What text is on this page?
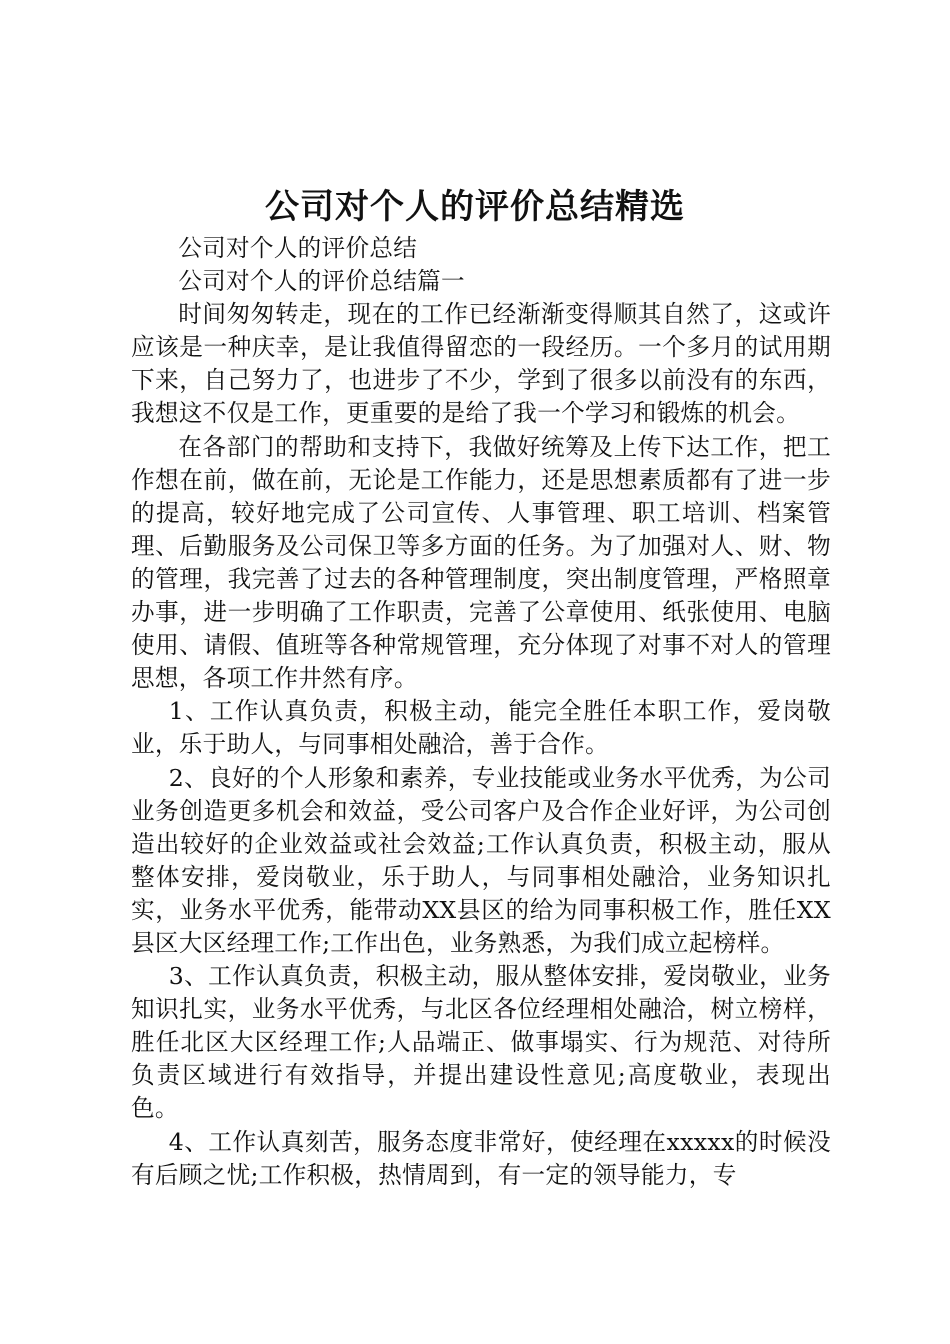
公司对个人的评价总结精选

公司对个人的评价总结

公司对个人的评价总结篇一

时间匆匆转走，现在的工作已经渐渐变得顺其自然了，这或许应该是一种庆幸，是让我值得留恋的一段经历。一个多月的试用期下来，自己努力了，也进步了不少，学到了很多以前没有的东西，我想这不仅是工作，更重要的是给了我一个学习和锻炼的机会。

在各部门的帮助和支持下，我做好统筹及上传下达工作，把工作想在前，做在前，无论是工作能力，还是思想素质都有了进一步的提高，较好地完成了公司宣传、人事管理、职工培训、档案管理、后勤服务及公司保卫等多方面的任务。为了加强对人、财、物的管理，我完善了过去的各种管理制度，突出制度管理，严格照章办事，进一步明确了工作职责，完善了公章使用、纸张使用、电脑使用、请假、值班等各种常规管理，充分体现了对事不对人的管理思想，各项工作井然有序。

1、工作认真负责，积极主动，能完全胜任本职工作，爱岗敬业，乐于助人，与同事相处融洽，善于合作。

2、良好的个人形象和素养，专业技能或业务水平优秀，为公司业务创造更多机会和效益，受公司客户及合作企业好评，为公司创造出较好的企业效益或社会效益;工作认真负责，积极主动，服从整体安排，爱岗敬业，乐于助人，与同事相处融洽，业务知识扎实，业务水平优秀，能带动XX县区的给为同事积极工作，胜任XX县区大区经理工作;工作出色，业务熟悉，为我们成立起榜样。

3、工作认真负责，积极主动，服从整体安排，爱岗敬业，业务知识扎实，业务水平优秀，与北区各位经理相处融洽，树立榜样，胜任北区大区经理工作;人品端正、做事塌实、行为规范、对待所负责区域进行有效指导，并提出建设性意见;高度敬业，表现出色。

4、工作认真刻苦，服务态度非常好，使经理在xxxxx的时候没有后顾之忧;工作积极，热情周到，有一定的领导能力，专
